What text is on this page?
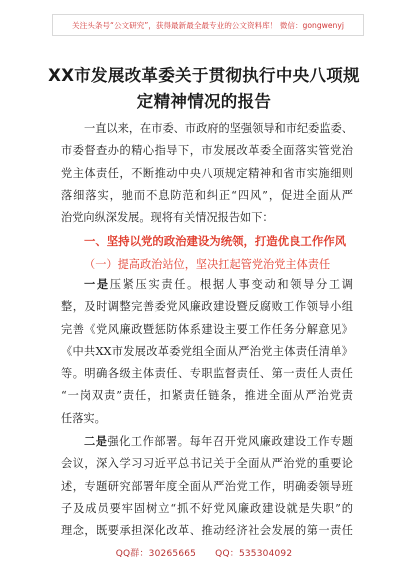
关注头条号“公文研究”，获得最新最全最专业的公文资料库！ 微信：gongwenyj
XX市发展改革委关于贯彻执行中央八项规
定精神情况的报告
一直以来，在市委、市政府的坚强领导和市纪委监委、
市委督查办的精心指导下，市发展改革委全面落实管党治
党主体责任，不断推动中央八项规定精神和省市实施细则
落细落实，驰而不息防范和纠正“四风”，促进全面从严
治党向纵深发展。现将有关情况报告如下：
一、坚持以党的政治建设为统领，打造优良工作作风
（一）提高政治站位，坚决扛起管党治党主体责任
一是压紧压实责任。根据人事变动和领导分工调
整，及时调整完善委党风廉政建设暨反腐败工作领导小组
完善《党风廉政暨惩防体系建设主要工作任务分解意见》
《中共XX市发展改革委党组全面从严治党主体责任清单》
等。明确各级主体责任、专职监督责任、第一责任人责任
“一岗双责”责任，扣紧责任链条，推进全面从严治党责
任落实。
二是强化工作部署。每年召开党风廉政建设工作专题
会议，深入学习习近平总书记关于全面从严治党的重要论
述，专题研究部署年度全面从严治党工作，明确委领导班
子及成员要牢固树立“抓不好党风廉政建设就是失职”的
理念，既要承担深化改革、推动经济社会发展的第一责任
QQ群：30265665 QQ：535304092
